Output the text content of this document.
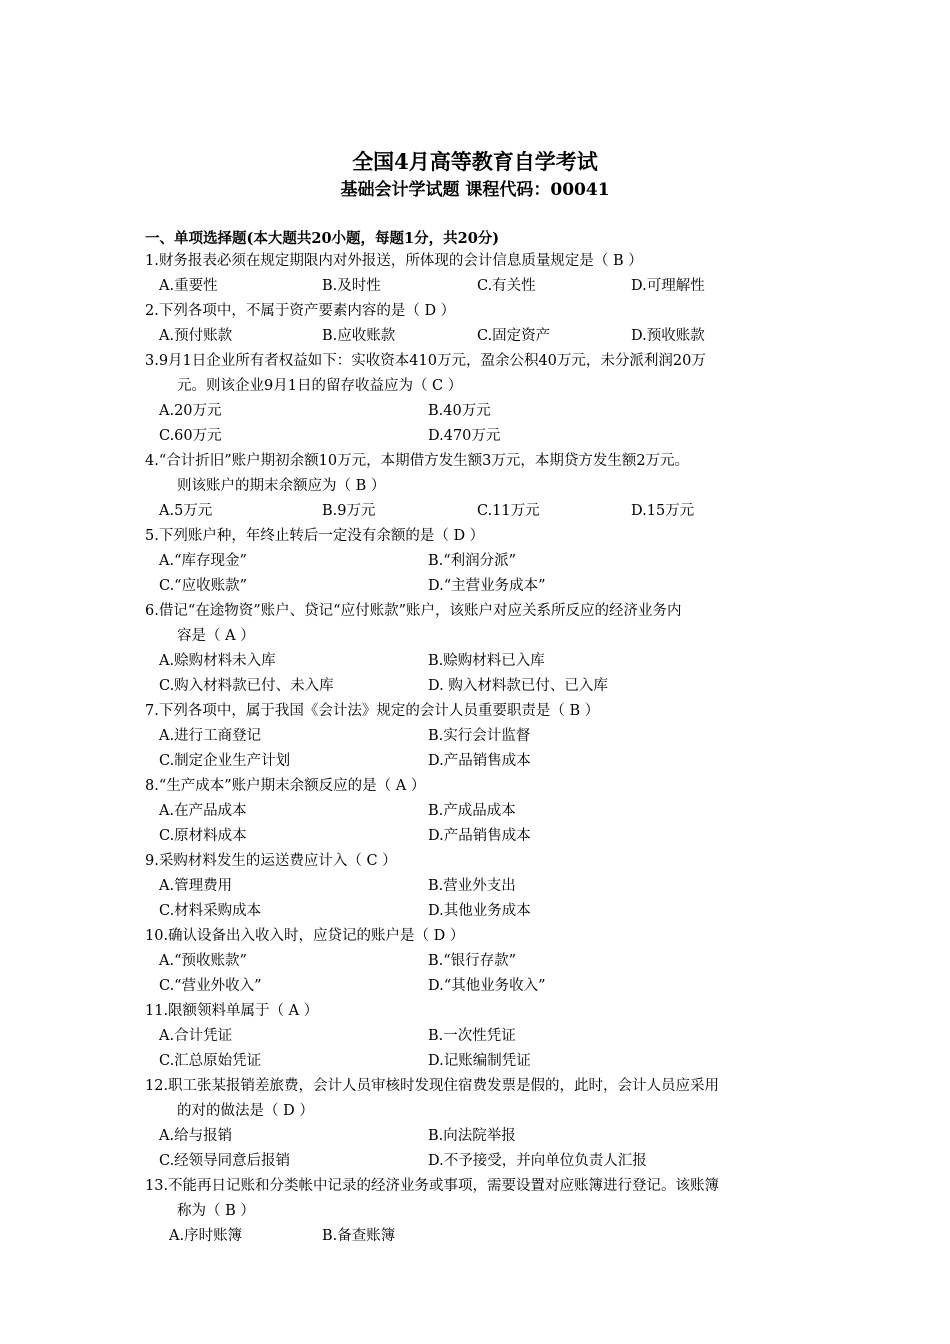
全国4月高等教育自学考试
基础会计学试题 课程代码：00041
一、单项选择题(本大题共20小题，每题1分，共20分)
1.财务报表必须在规定期限内对外报送，所体现的会计信息质量规定是（ B ）
A.重要性	B.及时性	C.有关性	D.可理解性
2.下列各项中，不属于资产要素内容的是（ D ）
A.预付账款	B.应收账款	C.固定资产	D.预收账款
3.9月1日企业所有者权益如下：实收资本410万元，盈余公积40万元，未分派利润20万
元。则该企业9月1日的留存收益应为（ C ）
A.20万元	B.40万元
C.60万元	D.470万元
4.“合计折旧”账户期初余额10万元，本期借方发生额3万元，本期贷方发生额2万元。
则该账户的期末余额应为（ B ）
A.5万元	B.9万元	C.11万元	D.15万元
5.下列账户种，年终止转后一定没有余额的是（ D ）
A.“库存现金”	B.“利润分派”
C.“应收账款”	D.“主营业务成本”
6.借记“在途物资”账户、贷记“应付账款”账户，该账户对应关系所反应的经济业务内
容是（ A ）
A.赊购材料未入库	B.赊购材料已入库
C.购入材料款已付、未入库	D. 购入材料款已付、已入库
7.下列各项中，属于我国《会计法》规定的会计人员重要职责是（ B ）
A.进行工商登记	B.实行会计监督
C.制定企业生产计划	D.产品销售成本
8.“生产成本”账户期末余额反应的是（ A ）
A.在产品成本	B.产成品成本
C.原材料成本	D.产品销售成本
9.采购材料发生的运送费应计入（ C ）
A.管理费用	B.营业外支出
C.材料采购成本	D.其他业务成本
10.确认设备出入收入时，应贷记的账户是（ D ）
A.“预收账款”	B.“银行存款”
C.“营业外收入”	D.“其他业务收入”
11.限额领料单属于（ A ）
A.合计凭证	B.一次性凭证
C.汇总原始凭证	D.记账编制凭证
12.职工张某报销差旅费，会计人员审核时发现住宿费发票是假的，此时，会计人员应采用
的对的做法是（ D ）
A.给与报销	B.向法院举报
C.经领导同意后报销	D.不予接受，并向单位负责人汇报
13.不能再日记账和分类帐中记录的经济业务或事项，需要设置对应账簿进行登记。该账簿
称为（ B ）
A.序时账簿	B.备查账簿
